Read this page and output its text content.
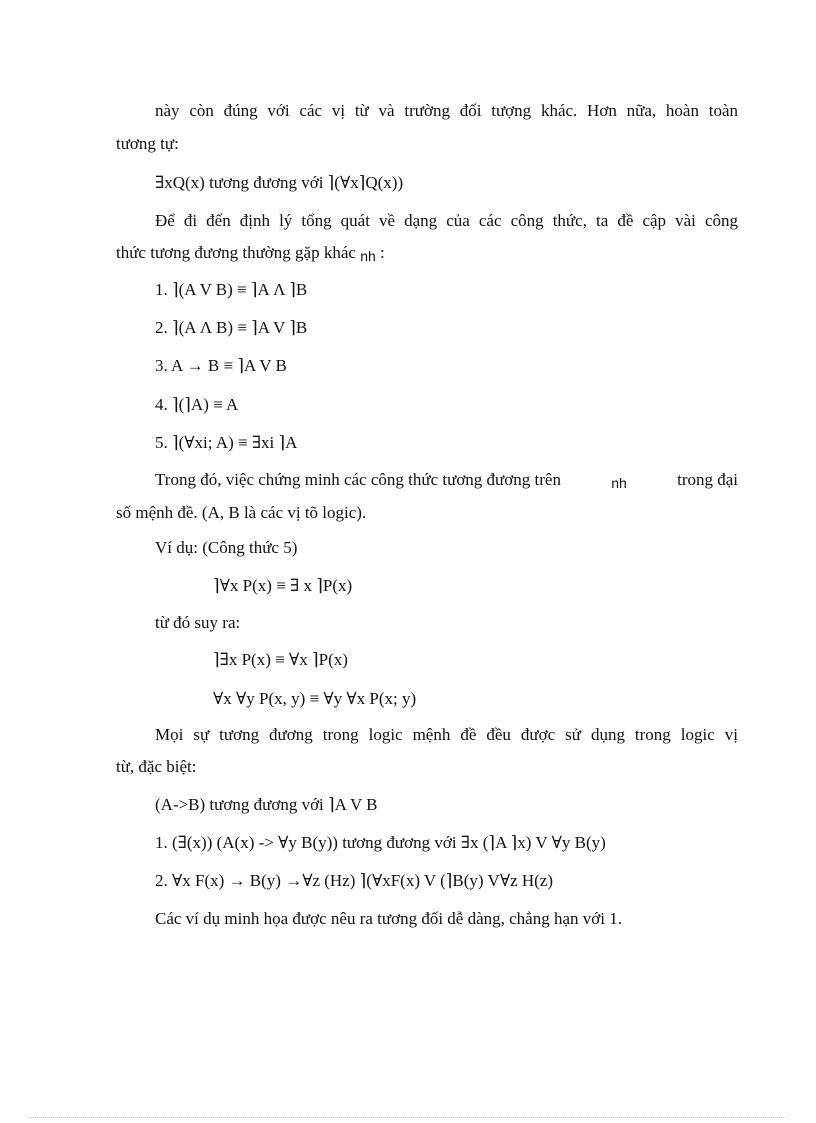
này còn đúng với các vị từ và trường đối tượng khác. Hơn nữa, hoàn toàn
tương tự:
∃xQ(x) tương đương với ⌉(∀x⌉Q(x))
Để đi đến định lý tổng quát về dạng của các công thức, ta đề cập vài công
thức tương đương thường gặp khác nh :
1. ⌉(A V B) ≡ ⌉A Λ ⌉B
2. ⌉(A Λ B) ≡ ⌉A V ⌉B
3. A → B ≡ ⌉A V B
4. ⌉(⌉A) ≡ A
5. ⌉(∀xi; A) ≡ ∃xi ⌉A
Trong đó, việc chứng minh các công thức tương đương trên	nh	trong đại
số mệnh đề. (A, B là các vị tõ logic).
Ví dụ: (Công thức 5)
⌉∀x P(x) ≡ ∃ x ⌉P(x)
từ đó suy ra:
⌉∃x P(x) ≡ ∀x ⌉P(x)
∀x ∀y P(x, y) ≡ ∀y ∀x P(x; y)
Mọi sự tương đương trong logic mệnh đề đều được sử dụng trong logic vị
từ, đặc biệt:
(A->B) tương đương với ⌉A V B
1. (∃(x)) (A(x) -> ∀y B(y)) tương đương với ∃x (⌉A ⌉x) V ∀y B(y)
2. ∀x F(x) → B(y) →∀z (Hz) ⌉(∀xF(x) V (⌉B(y) V∀z H(z)
Các ví dụ minh họa được nêu ra tương đối dễ dàng, chẳng hạn với 1.
